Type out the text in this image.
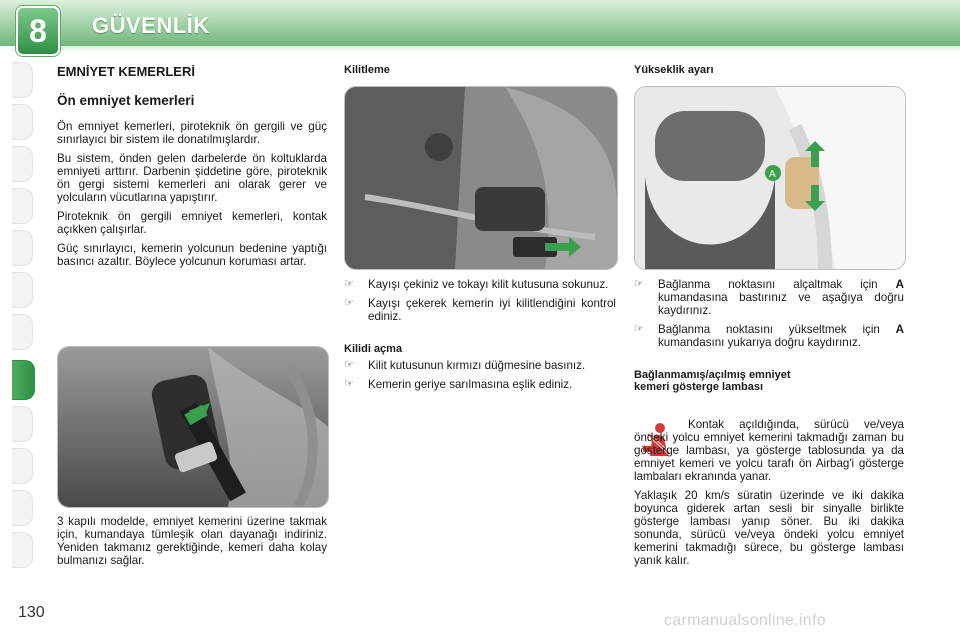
8	GÜVENLİK
EMNİYET KEMERLERİ
Ön emniyet kemerleri

Ön emniyet kemerleri, piroteknik ön gergili ve güç sınırlayıcı bir sistem ile donatılmışlardır.

Bu sistem, önden gelen darbelerde ön koltuklarda emniyeti arttırır. Darbenin şiddetine göre, piroteknik ön gergi sistemi kemerleri ani olarak gerer ve yolcuların vücutlarına yapıştırır.

Piroteknik ön gergili emniyet kemerleri, kontak açıkken çalışırlar.

Güç sınırlayıcı, kemerin yolcunun bedenine yaptığı basıncı azaltır. Böylece yolcunun koruması artar.

3 kapılı modelde, emniyet kemerini üzerine takmak için, kumandaya tümleşik olan dayanağı indiriniz. Yeniden takmanız gerektiğinde, kemeri daha kolay bulmanızı sağlar.

Kilitleme
☞ Kayışı çekiniz ve tokayı kilit kutusuna sokunuz.
☞ Kayışı çekerek kemerin iyi kilitlendiğini kontrol ediniz.
Kilidi açma
☞ Kilit kutusunun kırmızı düğmesine basınız.
☞ Kemerin geriye sarılmasına eşlik ediniz.
Yükseklik ayarı
A
☞ Bağlanma noktasını alçaltmak için A kumandasına bastırınız ve aşağıya doğru kaydırınız.
☞ Bağlanma noktasını yükseltmek için A kumandasını yukarıya doğru kaydırınız.
Bağlanmamış/açılmış emniyet
kemeri gösterge lambası

Kontak açıldığında, sürücü ve/veya öndeki yolcu emniyet kemerini takmadığı zaman bu gösterge lambası, ya gösterge tablosunda ya da emniyet kemeri ve yolcu tarafı ön Airbag'i gösterge lambaları ekranında yanar.

Yaklaşık 20 km/s süratin üzerinde ve iki dakika boyunca giderek artan sesli bir sinyalle birlikte gösterge lambası yanıp söner. Bu iki dakika sonunda, sürücü ve/veya öndeki yolcu emniyet kemerini takmadığı sürece, bu gösterge lambası yanık kalır.

130	carmanualsonline.info
